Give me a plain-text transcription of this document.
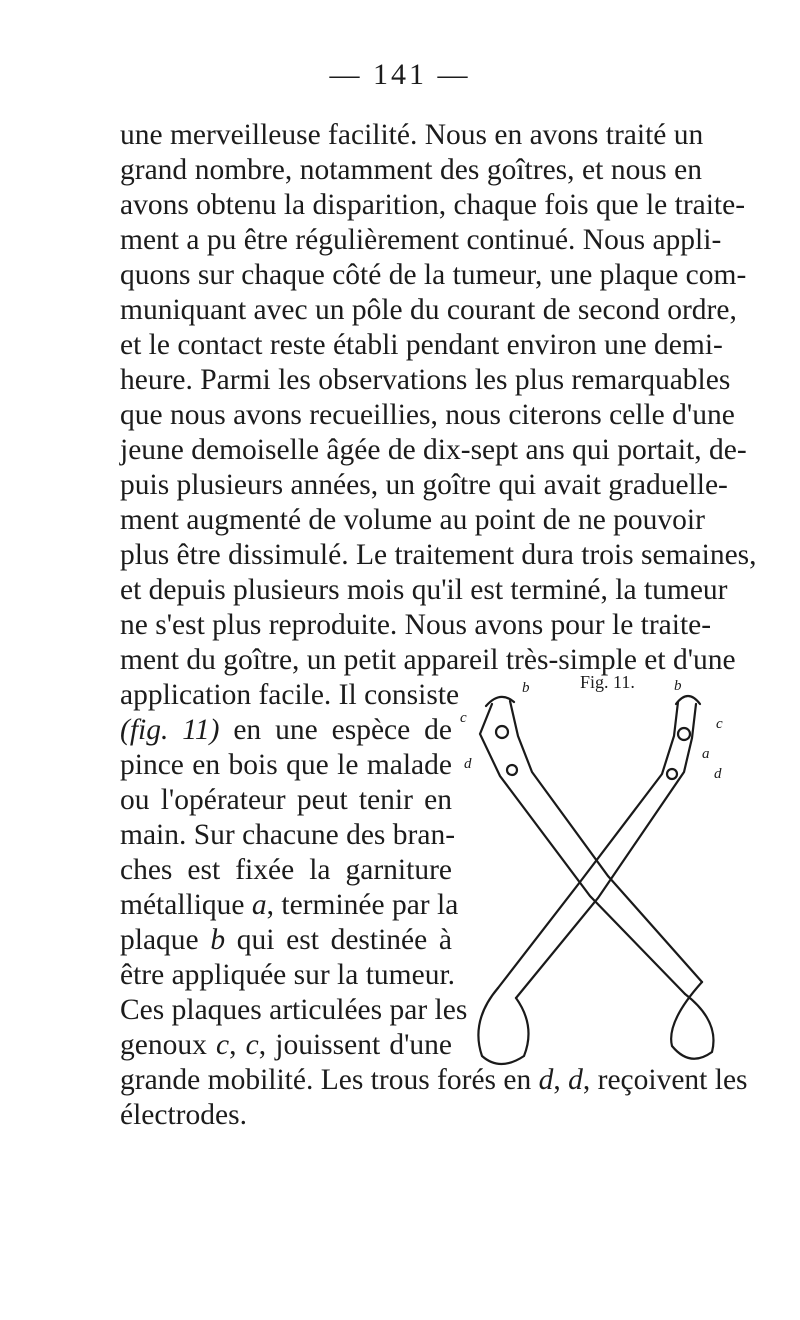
— 141 —
une merveilleuse facilité. Nous en avons traité un
grand nombre, notamment des goîtres, et nous en
avons obtenu la disparition, chaque fois que le traite-
ment a pu être régulièrement continué. Nous appli-
quons sur chaque côté de la tumeur, une plaque com-
muniquant avec un pôle du courant de second ordre,
et le contact reste établi pendant environ une demi-
heure. Parmi les observations les plus remarquables
que nous avons recueillies, nous citerons celle d'une
jeune demoiselle âgée de dix-sept ans qui portait, de-
puis plusieurs années, un goître qui avait graduelle-
ment augmenté de volume au point de ne pouvoir
plus être dissimulé. Le traitement dura trois semaines,
et depuis plusieurs mois qu'il est terminé, la tumeur
ne s'est plus reproduite. Nous avons pour le traite-
ment du goître, un petit appareil très-simple et d'une
application facile. Il consiste
(fig. 11) en une espèce de
pince en bois que le malade
ou l'opérateur peut tenir en
main. Sur chacune des bran-
ches est fixée la garniture
métallique a, terminée par la
plaque b qui est destinée à
être appliquée sur la tumeur.
Ces plaques articulées par les
genoux c, c, jouissent d'une
grande mobilité. Les trous forés en d, d, reçoivent les
électrodes.
Fig. 11.
b	b
c	c
a
d
d
